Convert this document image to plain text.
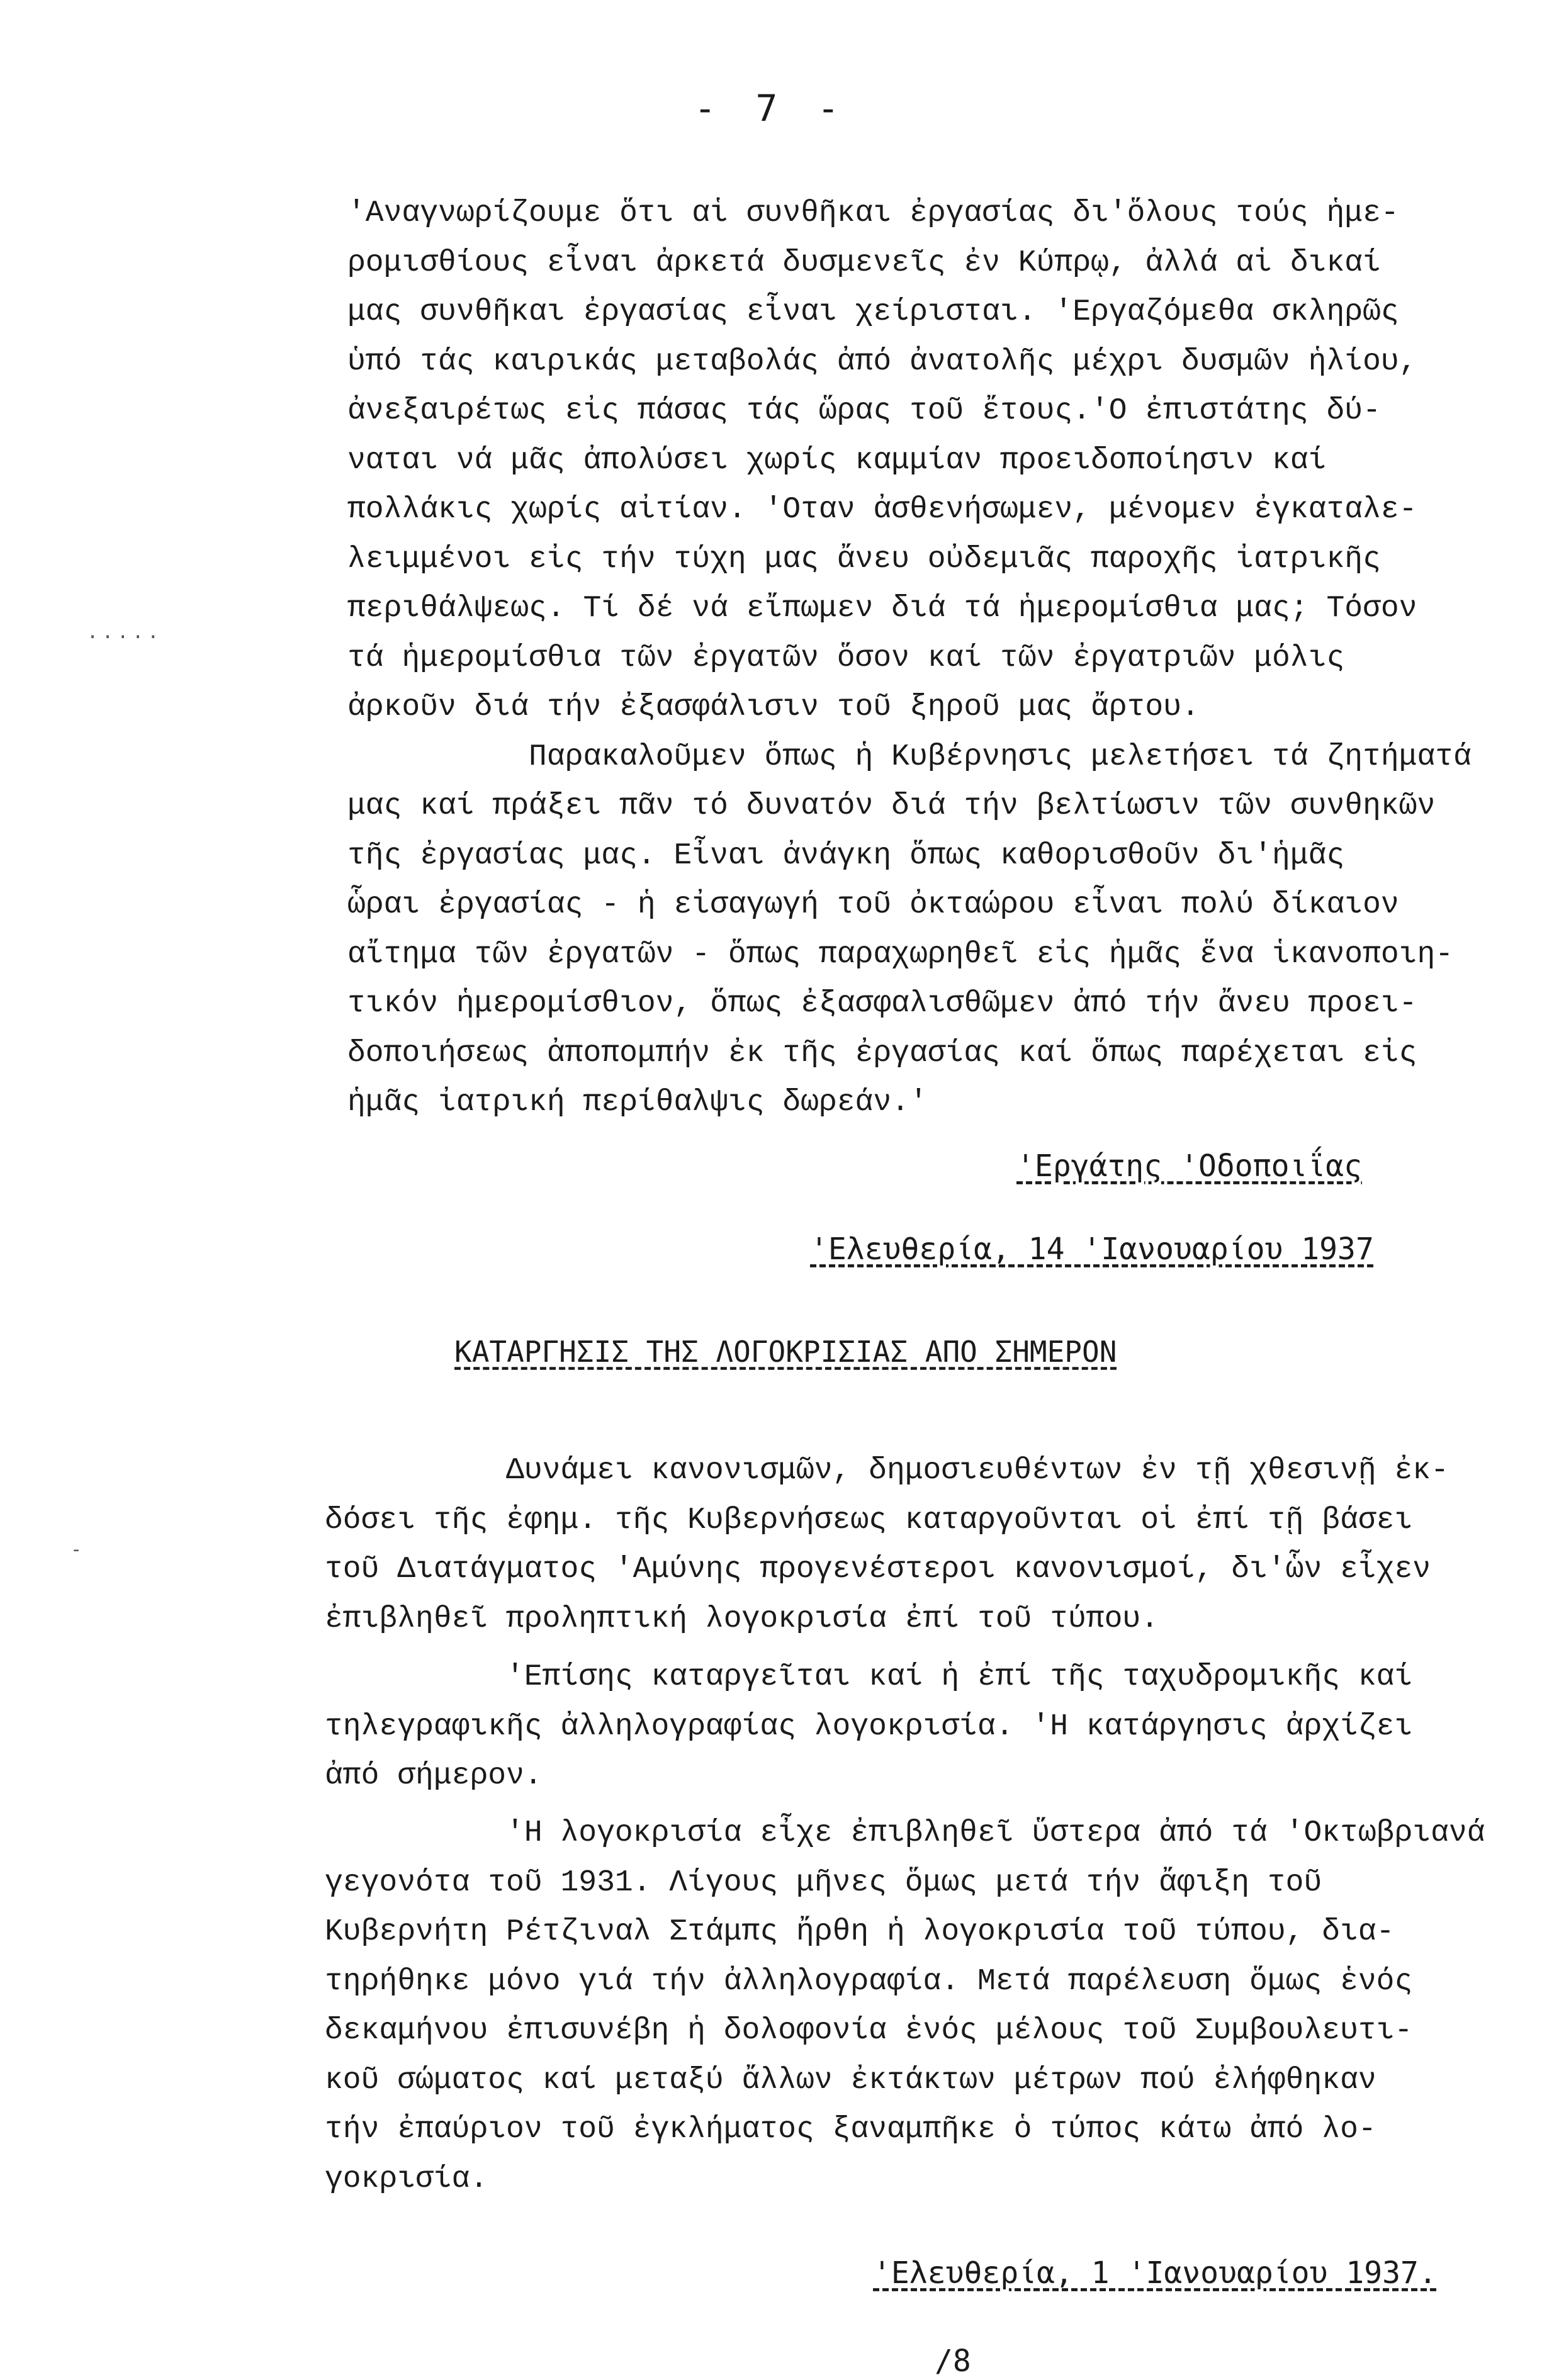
- 7 -
'Αναγνωρίζουμε ὅτι αἱ συνθῆκαι ἐργασίας δι'ὅλους τούς ἡμε-
ρομισθίους εἶναι ἀρκετά δυσμενεῖς ἐν Κύπρῳ, ἀλλά αἱ δικαί
μας συνθῆκαι ἐργασίας εἶναι χείρισται. 'Εργαζόμεθα σκληρῶς
ὑπό τάς καιρικάς μεταβολάς ἀπό ἀνατολῆς μέχρι δυσμῶν ἡλίου,
ἀνεξαιρέτως εἰς πάσας τάς ὥρας τοῦ ἔτους.'Ο ἐπιστάτης δύ-
ναται νά μᾶς ἀπολύσει χωρίς καμμίαν προειδοποίησιν καί
πολλάκις χωρίς αἰτίαν. 'Οταν ἀσθενήσωμεν, μένομεν ἐγκαταλε-
λειμμένοι εἰς τήν τύχη μας ἄνευ οὐδεμιᾶς παροχῆς ἰατρικῆς
περιθάλψεως. Τί δέ νά εἴπωμεν διά τά ἡμερομίσθια μας; Τόσον
τά ἡμερομίσθια τῶν ἐργατῶν ὅσον καί τῶν ἐργατριῶν μόλις
ἀρκοῦν διά τήν ἐξασφάλισιν τοῦ ξηροῦ μας ἄρτου.
Παρακαλοῦμεν ὅπως ἡ Κυβέρνησις μελετήσει τά ζητήματά
μας καί πράξει πᾶν τό δυνατόν διά τήν βελτίωσιν τῶν συνθηκῶν
τῆς ἐργασίας μας. Εἶναι ἀνάγκη ὅπως καθορισθοῦν δι'ἡμᾶς
ὧραι ἐργασίας - ἡ εἰσαγωγή τοῦ ὀκταώρου εἶναι πολύ δίκαιον
αἴτημα τῶν ἐργατῶν - ὅπως παραχωρηθεῖ εἰς ἡμᾶς ἕνα ἱκανοποιη-
τικόν ἡμερομίσθιον, ὅπως ἐξασφαλισθῶμεν ἀπό τήν ἄνευ προει-
δοποιήσεως ἀποπομπήν ἐκ τῆς ἐργασίας καί ὅπως παρέχεται εἰς
ἡμᾶς ἰατρική περίθαλψις δωρεάν.'
'Εργάτης 'Οδοποιΐας
'Ελευθερία, 14 'Ιανουαρίου 1937
ΚΑΤΑΡΓΗΣΙΣ ΤΗΣ ΛΟΓΟΚΡΙΣΙΑΣ ΑΠΟ ΣΗΜΕΡΟΝ
Δυνάμει κανονισμῶν, δημοσιευθέντων ἐν τῇ χθεσινῇ ἐκ-
δόσει τῆς ἐφημ. τῆς Κυβερνήσεως καταργοῦνται οἱ ἐπί τῇ βάσει
τοῦ Διατάγματος 'Αμύνης προγενέστεροι κανονισμοί, δι'ὧν εἶχεν
ἐπιβληθεῖ προληπτική λογοκρισία ἐπί τοῦ τύπου.
'Επίσης καταργεῖται καί ἡ ἐπί τῆς ταχυδρομικῆς καί
τηλεγραφικῆς ἀλληλογραφίας λογοκρισία. 'Η κατάργησις ἀρχίζει
ἀπό σήμερον.
'Η λογοκρισία εἶχε ἐπιβληθεῖ ὕστερα ἀπό τά 'Οκτωβριανά
γεγονότα τοῦ 1931. Λίγους μῆνες ὅμως μετά τήν ἄφιξη τοῦ
Κυβερνήτη Ρέτζιναλ Στάμπς ἤρθη ἡ λογοκρισία τοῦ τύπου, δια-
τηρήθηκε μόνο γιά τήν ἀλληλογραφία. Μετά παρέλευση ὅμως ἑνός
δεκαμήνου ἐπισυνέβη ἡ δολοφονία ἑνός μέλους τοῦ Συμβουλευτι-
κοῦ σώματος καί μεταξύ ἄλλων ἐκτάκτων μέτρων πού ἐλήφθηκαν
τήν ἐπαύριον τοῦ ἐγκλήματος ξαναμπῆκε ὁ τύπος κάτω ἀπό λο-
γοκρισία.
'Ελευθερία, 1 'Ιανουαρίου 1937.
/8
.....
-
